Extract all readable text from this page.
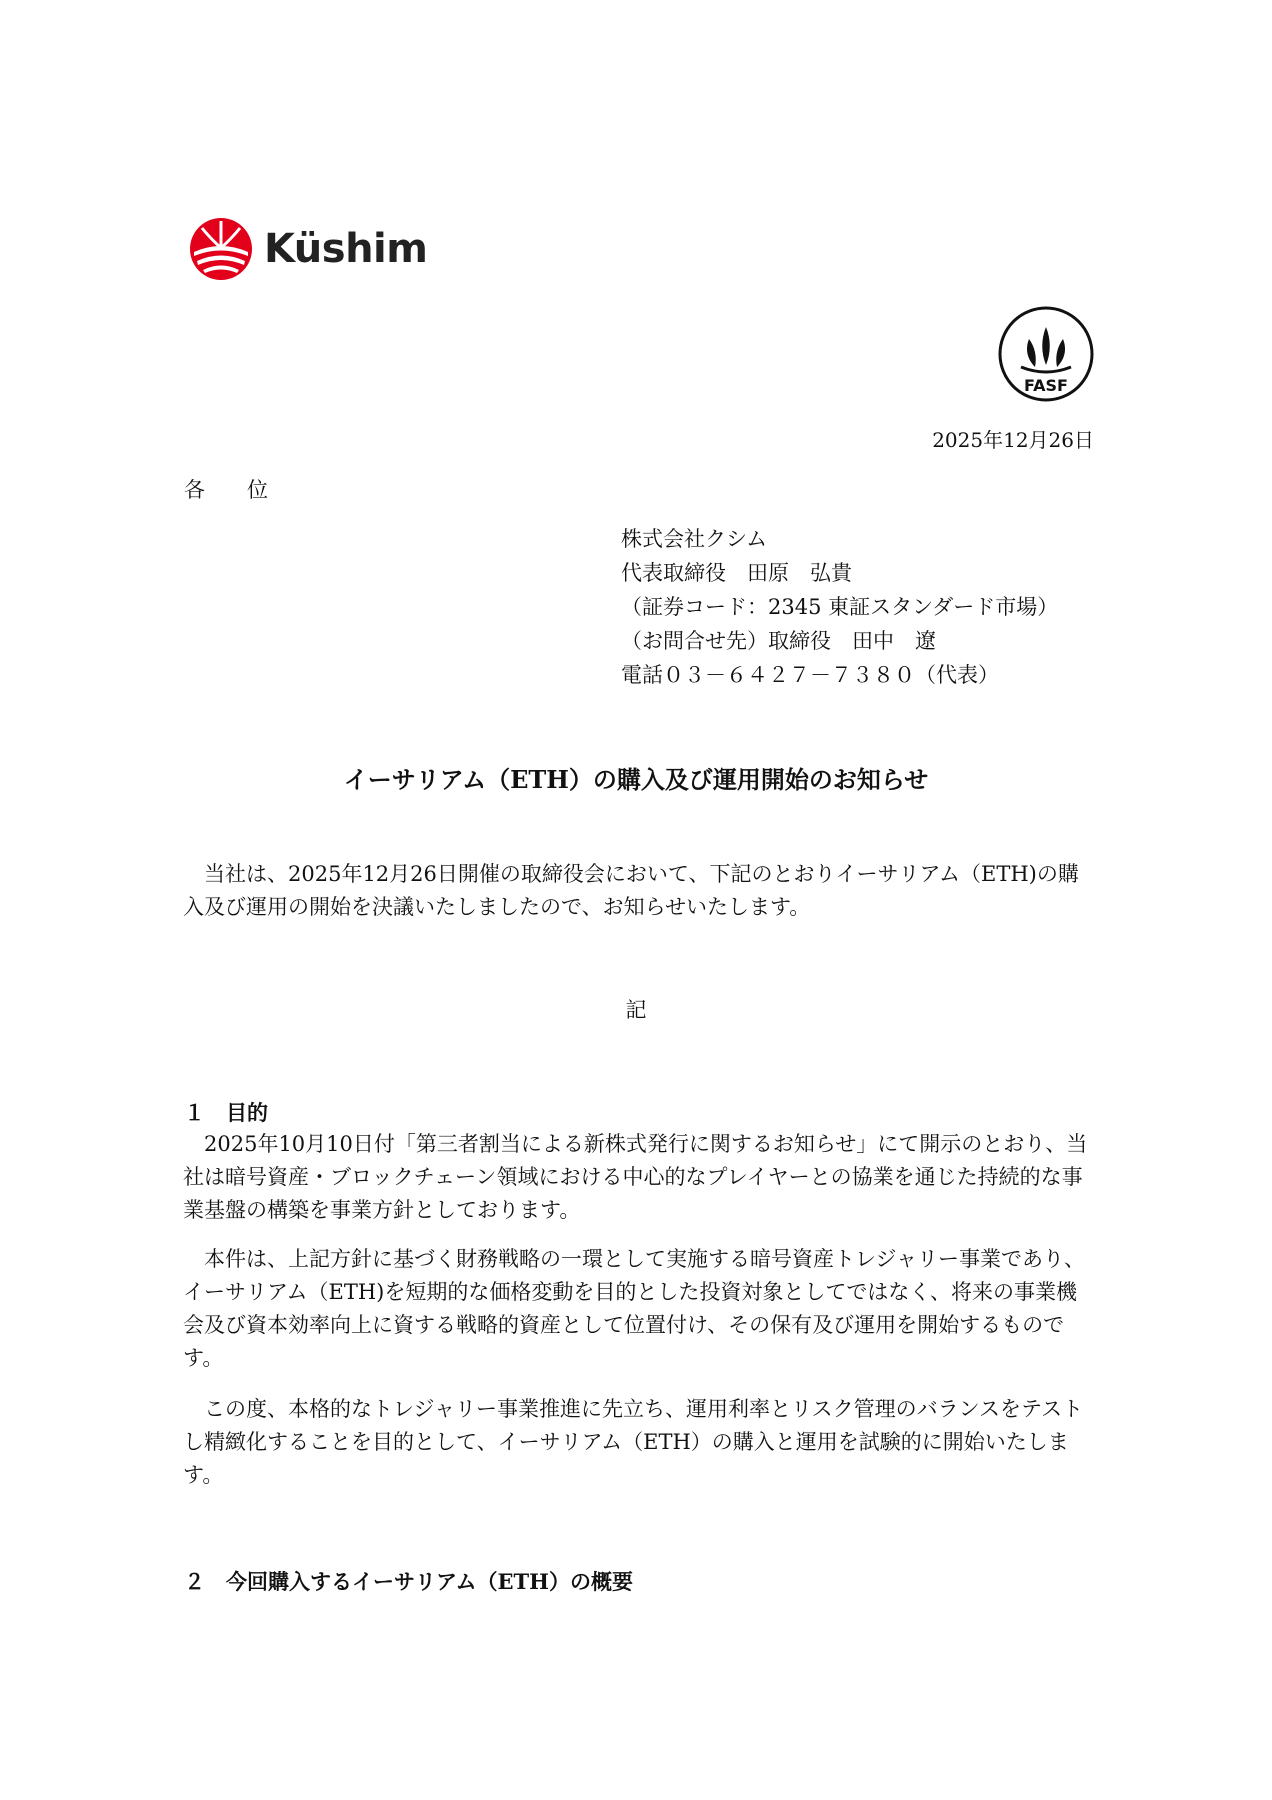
Küshim
FASF
2025年12月26日
各　　位
株式会社クシム
代表取締役　田原　弘貴
（証券コード：2345 東証スタンダード市場）
（お問合せ先）取締役　田中　遼
電話０３－６４２７－７３８０（代表）
イーサリアム（ETH）の購入及び運用開始のお知らせ
当社は、2025年12月26日開催の取締役会において、下記のとおりイーサリアム（ETH)の購入及び運用の開始を決議いたしましたので、お知らせいたします。
記
１　目的
2025年10月10日付「第三者割当による新株式発行に関するお知らせ」にて開示のとおり、当社は暗号資産・ブロックチェーン領域における中心的なプレイヤーとの協業を通じた持続的な事業基盤の構築を事業方針としております。
本件は、上記方針に基づく財務戦略の一環として実施する暗号資産トレジャリー事業であり、イーサリアム（ETH)を短期的な価格変動を目的とした投資対象としてではなく、将来の事業機会及び資本効率向上に資する戦略的資産として位置付け、その保有及び運用を開始するものです。
この度、本格的なトレジャリー事業推進に先立ち、運用利率とリスク管理のバランスをテストし精緻化することを目的として、イーサリアム（ETH）の購入と運用を試験的に開始いたします。
２　今回購入するイーサリアム（ETH）の概要
